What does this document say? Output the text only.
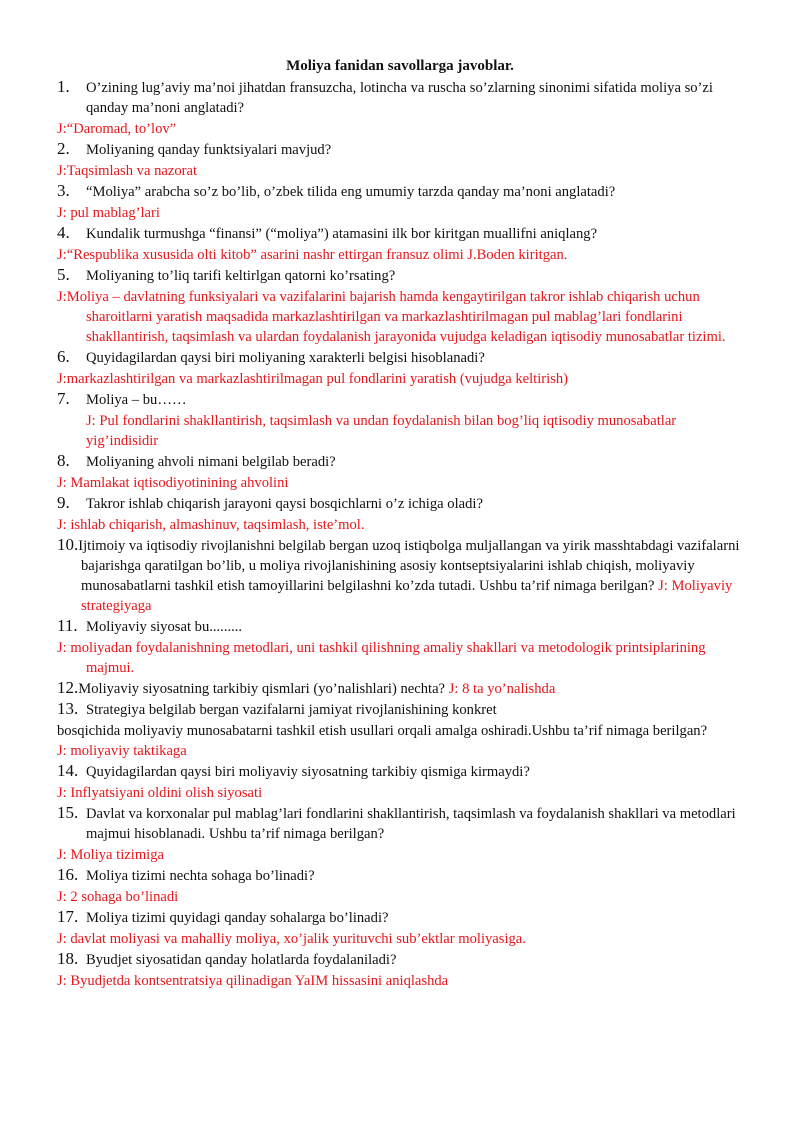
Moliya fanidan savollarga javoblar.
1. O’zining lug’aviy ma’noi jihatdan fransuzcha, lotincha va ruscha so’zlarning sinonimi sifatida moliya so’zi qanday ma’noni anglatadi?
J:“Daromad, to’lov”
2. Moliyaning qanday funktsiyalari mavjud?
J:Taqsimlash va nazorat
3. “Moliya” arabcha so’z bo’lib, o’zbek tilida eng umumiy tarzda qanday ma’noni anglatadi?
J: pul mablag’lari
4. Kundalik turmushga “finansi” (“moliya”) atamasini ilk bor kiritgan muallifni aniqlang?
J:“Respublika xususida olti kitob” asarini nashr ettirgan fransuz olimi J.Boden kiritgan.
5. Moliyaning to’liq tarifi keltirlgan qatorni ko’rsating?
J:Moliya – davlatning funksiyalari va vazifalarini bajarish hamda kengaytirilgan takror ishlab chiqarish uchun sharoitlarni yaratish maqsadida markazlashtirilgan va markazlashtirilmagan pul mablag’lari fondlarini shakllantirish, taqsimlash va ulardan foydalanish jarayonida vujudga keladigan iqtisodiy munosabatlar tizimi.
6. Quyidagilardan qaysi biri moliyaning xarakterli belgisi hisoblanadi?
J:markazlashtirilgan va markazlashtirilmagan pul fondlarini yaratish (vujudga keltirish)
7. Moliya – bu……
J: Pul fondlarini shakllantirish, taqsimlash va undan foydalanish bilan bog’liq iqtisodiy munosabatlar yig’indisidir
8. Moliyaning ahvoli nimani belgilab beradi?
J: Mamlakat iqtisodiyotinining ahvolini
9. Takror ishlab chiqarish jarayoni qaysi bosqichlarni o’z ichiga oladi?
J: ishlab chiqarish, almashinuv, taqsimlash, iste’mol.
10.Ijtimoiy va iqtisodiy rivojlanishni belgilab bergan uzoq istiqbolga muljallangan va yirik masshtabdagi vazifalarni bajarishga qaratilgan bo’lib, u moliya rivojlanishining asosiy kontseptsiyalarini ishlab chiqish, moliyaviy munosabatlarni tashkil etish tamoyillarini belgilashni ko’zda tutadi. Ushbu ta’rif nimaga berilgan? J: Moliyaviy strategiyaga
11. Moliyaviy siyosat bu.........
J: moliyadan foydalanishning metodlari, uni tashkil qilishning amaliy shakllari va metodologik printsiplarining majmui.
12.Moliyaviy siyosatning tarkibiy qismlari (yo’nalishlari) nechta? J: 8 ta yo’nalishda
13. Strategiya belgilab bergan vazifalarni jamiyat rivojlanishining konkret
bosqichida moliyaviy munosabatarni tashkil etish usullari orqali amalga oshiradi.Ushbu ta’rif nimaga berilgan?
J: moliyaviy taktikaga
14. Quyidagilardan qaysi biri moliyaviy siyosatning tarkibiy qismiga kirmaydi?
J: Inflyatsiyani oldini olish siyosati
15. Davlat va korxonalar pul mablag’lari fondlarini shakllantirish, taqsimlash va foydalanish shakllari va metodlari majmui hisoblanadi. Ushbu ta’rif nimaga berilgan?
J: Moliya tizimiga
16. Moliya tizimi nechta sohaga bo’linadi?
J: 2 sohaga bo’linadi
17. Moliya tizimi quyidagi qanday sohalarga bo’linadi?
J: davlat moliyasi va mahalliy moliya, xo’jalik yurituvchi sub’ektlar moliyasiga.
18. Byudjet siyosatidan qanday holatlarda foydalaniladi?
J: Byudjetda kontsentratsiya qilinadigan YaIM hissasini aniqlashda
